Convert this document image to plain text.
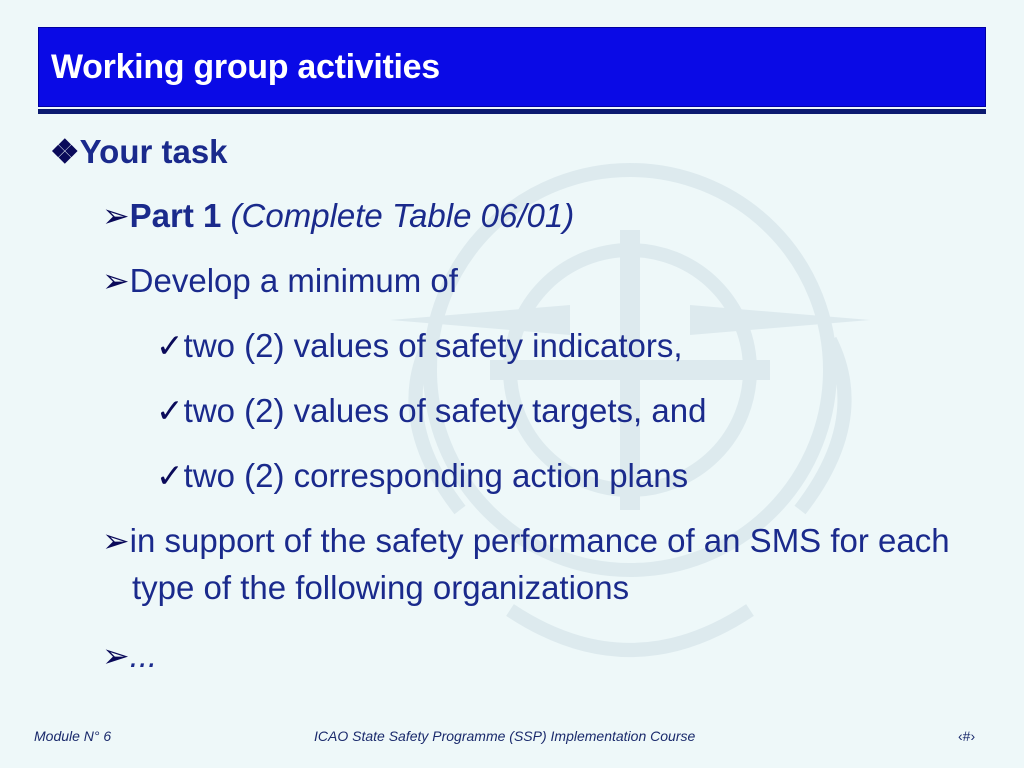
Working group activities
❖Your task
➢Part 1 (Complete Table 06/01)
➢Develop a minimum of
✓two (2) values of safety indicators,
✓two (2) values of safety targets, and
✓two (2) corresponding action plans
➢in support of the safety performance of an SMS for each
type of the following organizations
➢...
Module N° 6	ICAO State Safety Programme (SSP) Implementation Course	‹#›
